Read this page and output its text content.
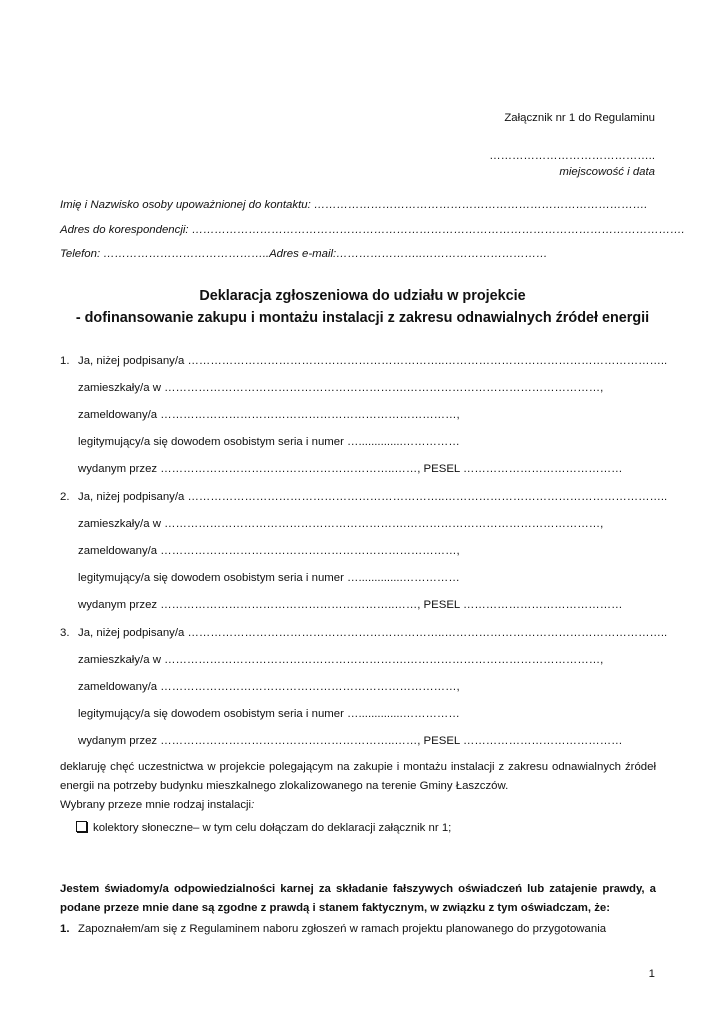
Załącznik nr 1 do Regulaminu
……………………………………..
miejscowość i data
Imię i Nazwisko osoby upoważnionej do kontaktu: …………………………………………………………………………….
Adres do korespondencji: ………………………………………………………………………………………………………………….
Telefon: ……………………………………..Adres e-mail:…………………..……………………………
Deklaracja zgłoszeniowa do udziału w projekcie
- dofinansowanie zakupu i montażu instalacji z zakresu odnawialnych źródeł energii
1. Ja, niżej podpisany/a …………………………………………………………..…………………………………………………..
zamieszkały/a w ……………………………………………………….……………………………………………,
zameldowany/a ……………………………………………………………………,
legitymujący/a się dowodem osobistym seria i numer …..............……………
wydanym przez ……………………………………………………..……, PESEL ……………………………………
2. Ja, niżej podpisany/a …………………………………………………………..…………………………………………………..
zamieszkały/a w ……………………………………………………….……………………………………………,
zameldowany/a ……………………………………………………………………,
legitymujący/a się dowodem osobistym seria i numer …..............……………
wydanym przez ……………………………………………………..……, PESEL ……………………………………
3. Ja, niżej podpisany/a …………………………………………………………..…………………………………………………..
zamieszkały/a w ……………………………………………………….……………………………………………,
zameldowany/a ……………………………………………………………………,
legitymujący/a się dowodem osobistym seria i numer …..............……………
wydanym przez ……………………………………………………..……, PESEL ……………………………………
deklaruję chęć uczestnictwa w projekcie polegającym na zakupie i montażu instalacji z zakresu odnawialnych źródeł energii na potrzeby budynku mieszkalnego zlokalizowanego na terenie Gminy Łaszczów.
Wybrany przeze mnie rodzaj instalacji:
kolektory słoneczne– w tym celu dołączam do deklaracji załącznik nr 1;
Jestem świadomy/a odpowiedzialności karnej za składanie fałszywych oświadczeń lub zatajenie prawdy, a podane przeze mnie dane są zgodne z prawdą i stanem faktycznym, w związku z tym oświadczam, że:
1. Zapoznałem/am się z Regulaminem naboru zgłoszeń w ramach projektu planowanego do przygotowania
1
